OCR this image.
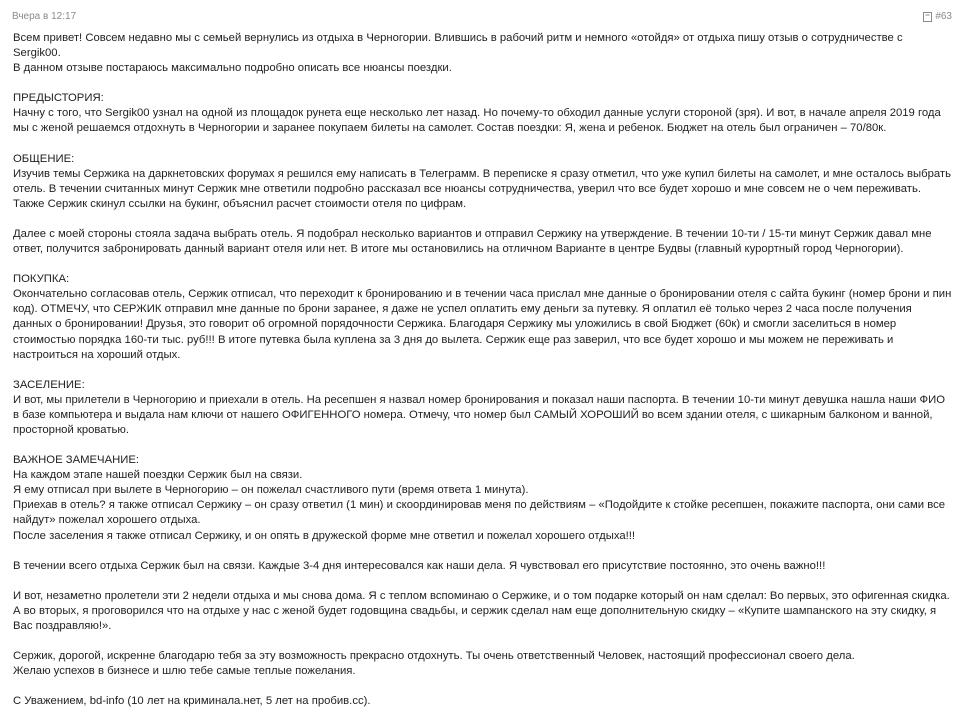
Вчера в 12:17	#63

Всем привет! Совсем недавно мы с семьей вернулись из отдыха в Черногории. Влившись в рабочий ритм и немного «отойдя» от отдыха пишу отзыв о сотрудничестве с Sergik00.

В данном отзыве постараюсь максимально подробно описать все нюансы поездки.

ПРЕДЫСТОРИЯ:

Начну с того, что Sergik00 узнал на одной из площадок рунета еще несколько лет назад. Но почему-то обходил данные услуги стороной (зря). И вот, в начале апреля 2019 года мы с женой решаемся отдохнуть в Черногории и заранее покупаем билеты на самолет. Состав поездки: Я, жена и ребенок. Бюджет на отель был ограничен – 70/80к.

ОБЩЕНИЕ:

Изучив темы Сержика на даркнетовских форумах я решился ему написать в Телеграмм. В переписке я сразу отметил, что уже купил билеты на самолет, и мне осталось выбрать отель. В течении считанных минут Сержик мне ответили подробно рассказал все нюансы сотрудничества, уверил что все будет хорошо и мне совсем не о чем переживать. Также Сержик скинул ссылки на букинг, объяснил расчет стоимости отеля по цифрам.

Далее с моей стороны стояла задача выбрать отель. Я подобрал несколько вариантов и отправил Сержику на утверждение. В течении 10-ти / 15-ти минут Сержик давал мне ответ, получится забронировать данный вариант отеля или нет. В итоге мы остановились на отличном Варианте в центре Будвы (главный курортный город Черногории).

ПОКУПКА:

Окончательно согласовав отель, Сержик отписал, что переходит к бронированию и в течении часа прислал мне данные о бронировании отеля с сайта букинг (номер брони и пин код). ОТМЕЧУ, что СЕРЖИК отправил мне данные по брони заранее, я даже не успел оплатить ему деньги за путевку. Я оплатил её только через 2 часа после получения данных о бронировании! Друзья, это говорит об огромной порядочности Сержика. Благодаря Сержику мы уложились в свой Бюджет (60к) и смогли заселиться в номер стоимостью порядка 160-ти тыс. руб!!! В итоге путевка была куплена за 3 дня до вылета. Сержик еще раз заверил, что все будет хорошо и мы можем не переживать и настроиться на хороший отдых.

ЗАСЕЛЕНИЕ:

И вот, мы прилетели в Черногорию и приехали в отель. На ресепшен я назвал номер бронирования и показал наши паспорта. В течении 10-ти минут девушка нашла наши ФИО в базе компьютера и выдала нам ключи от нашего ОФИГЕННОГО номера. Отмечу, что номер был САМЫЙ ХОРОШИЙ во всем здании отеля, с шикарным балконом и ванной, просторной кроватью.

ВАЖНОЕ ЗАМЕЧАНИЕ:

На каждом этапе нашей поездки Сержик был на связи.

Я ему отписал при вылете в Черногорию – он пожелал счастливого пути (время ответа 1 минута).

Приехав в отель? я также отписал Сержику – он сразу ответил (1 мин) и скоординировав меня по действиям – «Подойдите к стойке ресепшен, покажите паспорта, они сами все найдут» пожелал хорошего отдыха.

После заселения я также отписал Сержику, и он опять в дружеской форме мне ответил и пожелал хорошего отдыха!!!

В течении всего отдыха Сержик был на связи. Каждые 3-4 дня интересовался как наши дела. Я чувствовал его присутствие постоянно, это очень важно!!!

И вот, незаметно пролетели эти 2 недели отдыха и мы снова дома. Я с теплом вспоминаю о Сержике, и о том подарке который он нам сделал: Во первых, это офигенная скидка. А во вторых, я проговорился что на отдыхе у нас с женой будет годовщина свадьбы, и сержик сделал нам еще дополнительную скидку – «Купите шампанского на эту скидку, я Вас поздравляю!».

Сержик, дорогой, искренне благодарю тебя за эту возможность прекрасно отдохнуть. Ты очень ответственный Человек, настоящий профессионал своего дела.

Желаю успехов в бизнесе и шлю тебе самые теплые пожелания.

С Уважением, bd-info (10 лет на криминала.нет, 5 лет на пробив.сс).
